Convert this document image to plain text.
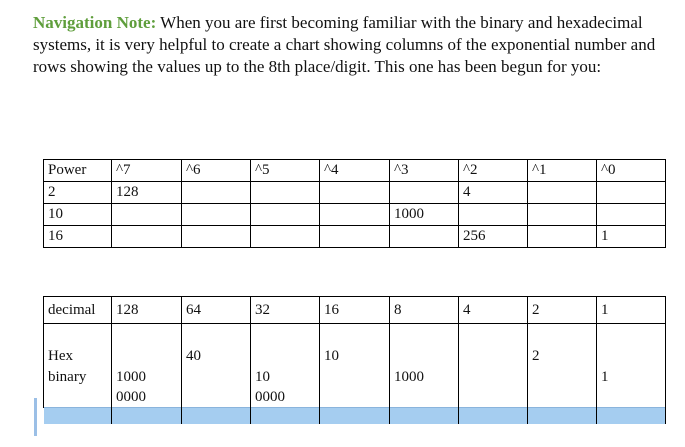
Navigation Note: When you are first becoming familiar with the binary and hexadecimal systems, it is very helpful to create a chart showing columns of the exponential number and rows showing the values up to the 8th place/digit. This one has been begun for you:
Power	^7	^6	^5	^4	^3	^2	^1	^0
2	128					4		
10					1000			
16						256		1
decimal	128	64	32	16	8	4	2	1

Hex		40		10			2	
binary	1000		10		1000			1
	0000		0000					
